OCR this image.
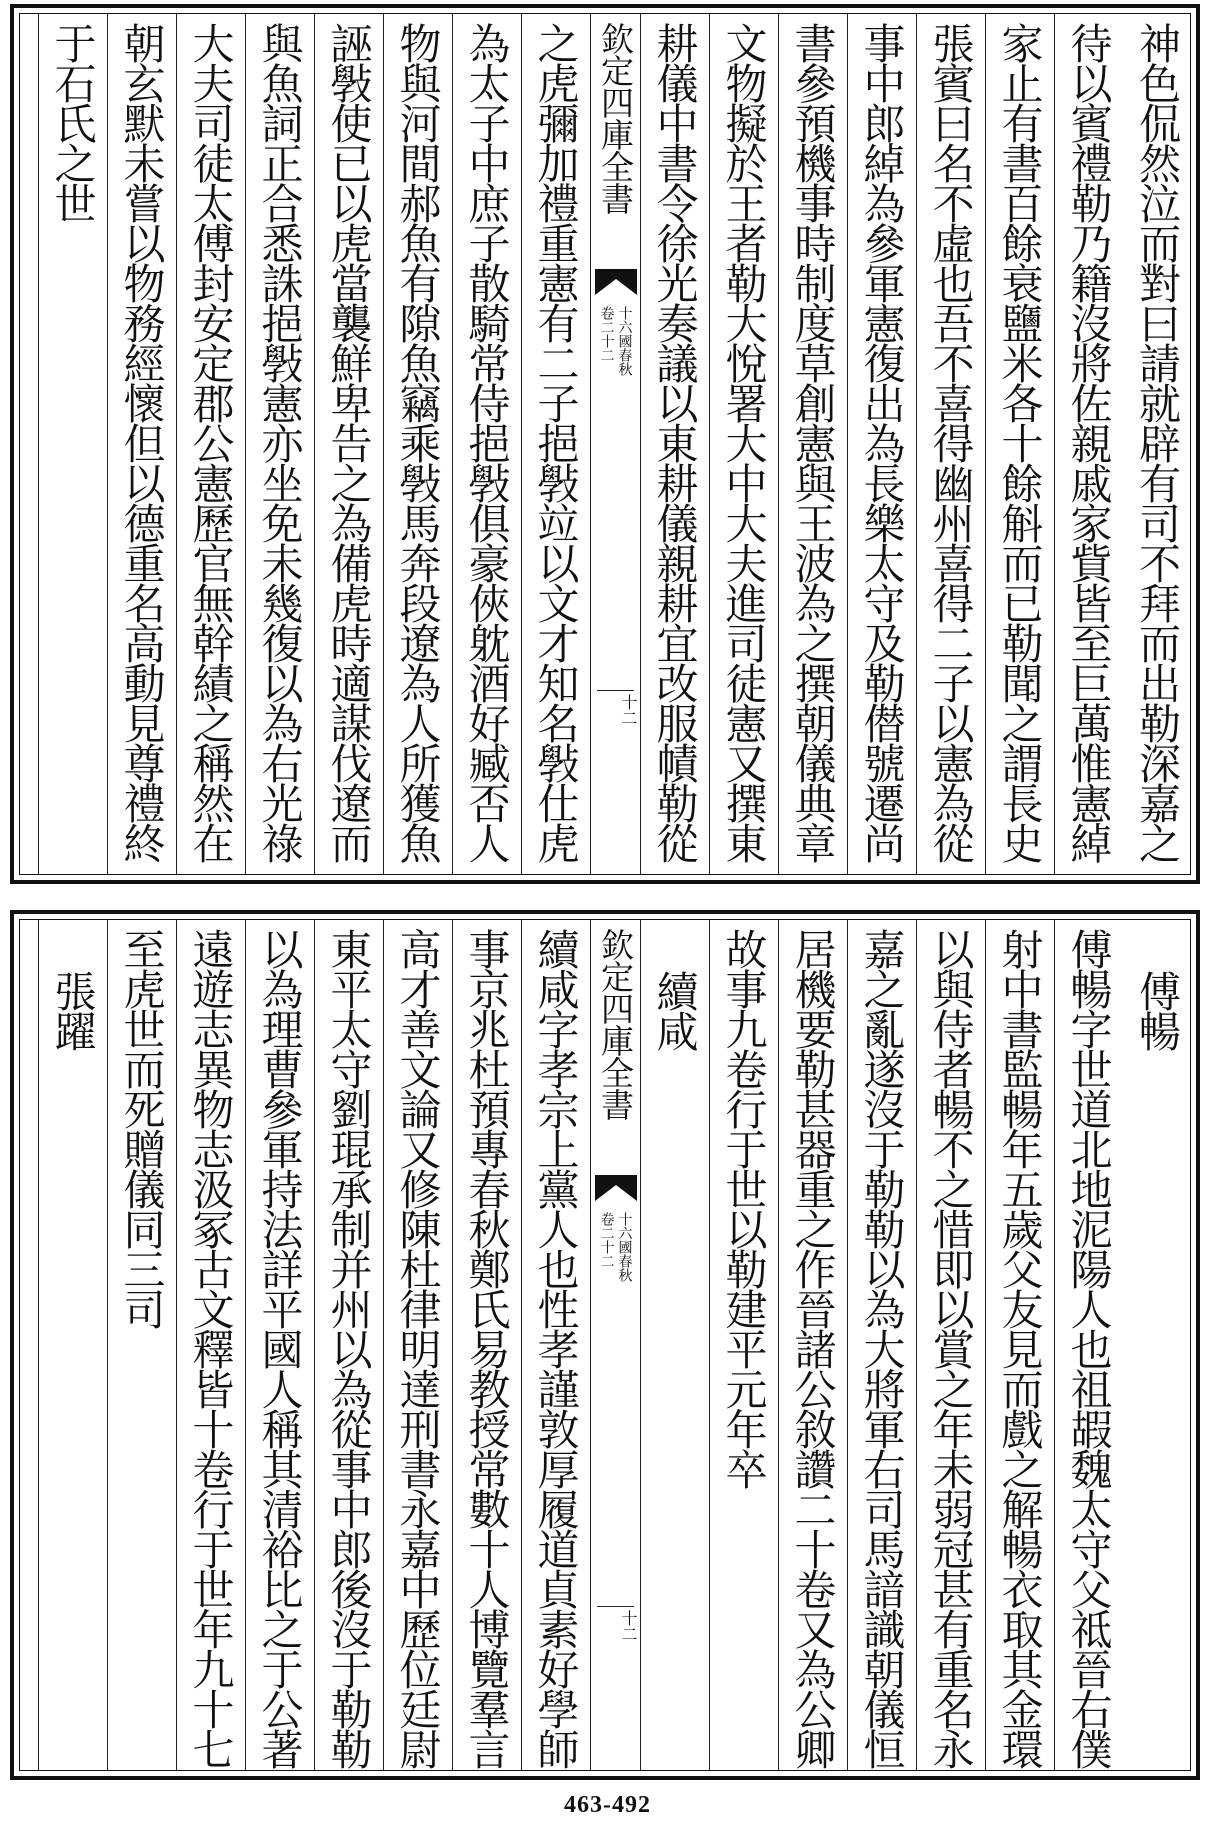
神色侃然泣而對曰請就辟有司不拜而出勒深嘉之
待以賓禮勒乃籍沒將佐親戚家貲皆至巨萬惟憲綽
家止有書百餘衰鹽米各十餘斛而已勒聞之謂長史
張賓曰名不虛也吾不喜得幽州喜得二子以憲為從
事中郎綽為參軍憲復出為長樂太守及勒僣號遷尚
書參預機事時制度草創憲與王波為之撰朝儀典章
文物擬於王者勒大悅署大中大夫進司徒憲又撰東
耕儀中書令徐光奏議以東耕儀親耕宜改服幘勒從
欽定四庫全書
十六國春秋
卷二十二
十二
之虎彌加禮重憲有二子挹斅竝以文才知名斅仕虎
為太子中庶子散騎常侍挹斅俱豪俠躭酒好臧否人
物與河間郝魚有隙魚竊乘斅馬奔段遼為人所獲魚
誣斅使已以虎當襲鮮卑告之為備虎時適謀伐遼而
與魚詞正合悉誅挹斅憲亦坐免未幾復以為右光祿
大夫司徒太傅封安定郡公憲歷官無幹績之稱然在
朝玄默未嘗以物務經懷但以德重名高動見尊禮終
于石氏之世
傅暢
傅暢字世道北地泥陽人也祖嘏魏太守父祗晉右僕
射中書監暢年五歲父友見而戲之解暢衣取其金環
以與侍者暢不之惜即以賞之年未弱冠甚有重名永
嘉之亂遂沒于勒勒以為大將軍右司馬諳識朝儀恒
居機要勒甚器重之作晉諸公敘讚二十卷又為公卿
故事九卷行于世以勒建平元年卒
續咸
欽定四庫全書
十六國春秋
卷二十二
十二
續咸字孝宗上黨人也性孝謹敦厚履道貞素好學師
事京兆杜預專春秋鄭氏易教授常數十人博覽羣言
高才善文論又修陳杜律明達刑書永嘉中歷位廷尉
東平太守劉琨承制并州以為從事中郎後沒于勒勒
以為理曹參軍持法詳平國人稱其清裕比之于公著
遠遊志異物志汲冢古文釋皆十卷行于世年九十七
至虎世而死贈儀同三司
張躍
463-492
